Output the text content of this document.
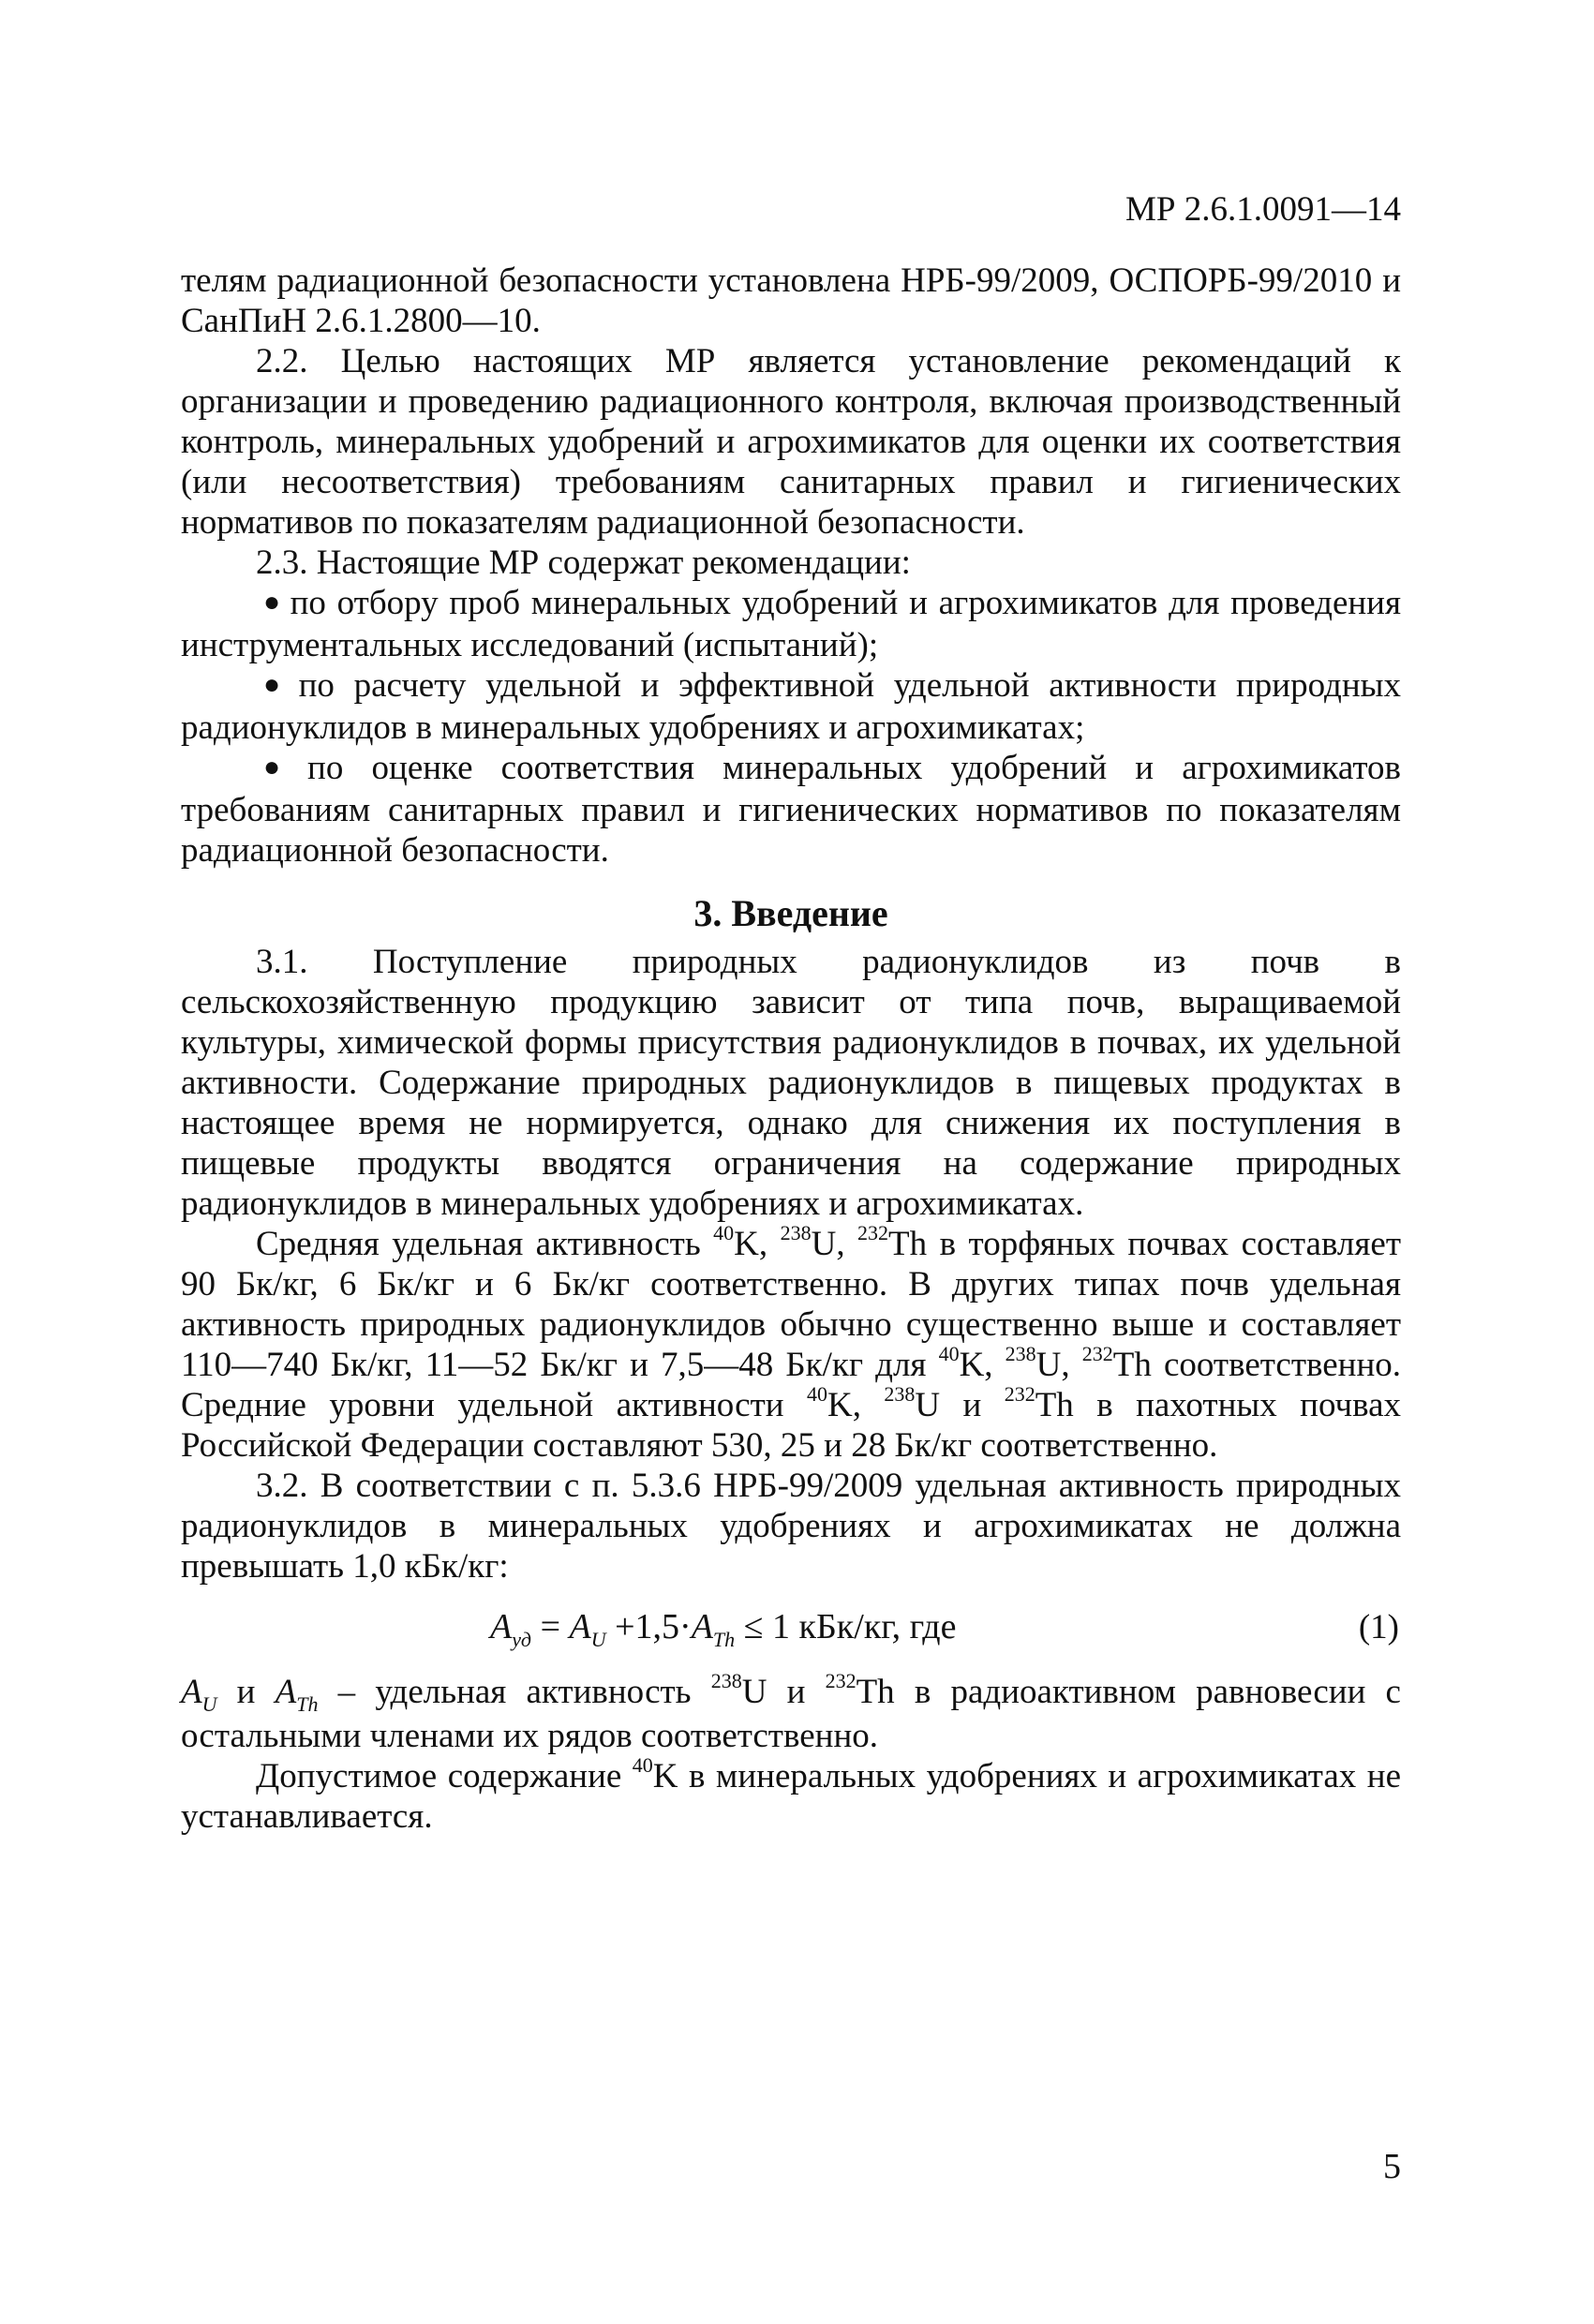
МР 2.6.1.0091—14

телям радиационной безопасности установлена НРБ-99/2009, ОСПОРБ-99/2010 и СанПиН 2.6.1.2800—10.

2.2. Целью настоящих МР является установление рекомендаций к организации и проведению радиационного контроля, включая производственный контроль, минеральных удобрений и агрохимикатов для оценки их соответствия (или несоответствия) требованиям санитарных правил и гигиенических нормативов по показателям радиационной безопасности.

2.3. Настоящие МР содержат рекомендации:

● по отбору проб минеральных удобрений и агрохимикатов для проведения инструментальных исследований (испытаний);

● по расчету удельной и эффективной удельной активности природных радионуклидов в минеральных удобрениях и агрохимикатах;

● по оценке соответствия минеральных удобрений и агрохимикатов требованиям санитарных правил и гигиенических нормативов по показателям радиационной безопасности.

3. Введение

3.1. Поступление природных радионуклидов из почв в сельскохозяйственную продукцию зависит от типа почв, выращиваемой культуры, химической формы присутствия радионуклидов в почвах, их удельной активности. Содержание природных радионуклидов в пищевых продуктах в настоящее время не нормируется, однако для снижения их поступления в пищевые продукты вводятся ограничения на содержание природных радионуклидов в минеральных удобрениях и агрохимикатах.

Средняя удельная активность $^{40}$K, $^{238}$U, $^{232}$Th в торфяных почвах составляет 90 Бк/кг, 6 Бк/кг и 6 Бк/кг соответственно. В других типах почв удельная активность природных радионуклидов обычно существенно выше и составляет 110—740 Бк/кг, 11—52 Бк/кг и 7,5—48 Бк/кг для $^{40}$K, $^{238}$U, $^{232}$Th соответственно. Средние уровни удельной активности $^{40}$K, $^{238}$U и $^{232}$Th в пахотных почвах Российской Федерации составляют 530, 25 и 28 Бк/кг соответственно.

3.2. В соответствии с п. 5.3.6 НРБ-99/2009 удельная активность природных радионуклидов в минеральных удобрениях и агрохимикатах не должна превышать 1,0 кБк/кг:

$A_{уд} = A_U +1,5\cdot A_{Th} \le 1$ кБк/кг, где	(1)

$A_U$ и $A_{Th}$ – удельная активность $^{238}$U и $^{232}$Th в радиоактивном равновесии с остальными членами их рядов соответственно.

Допустимое содержание $^{40}$K в минеральных удобрениях и агрохимикатах не устанавливается.

5
